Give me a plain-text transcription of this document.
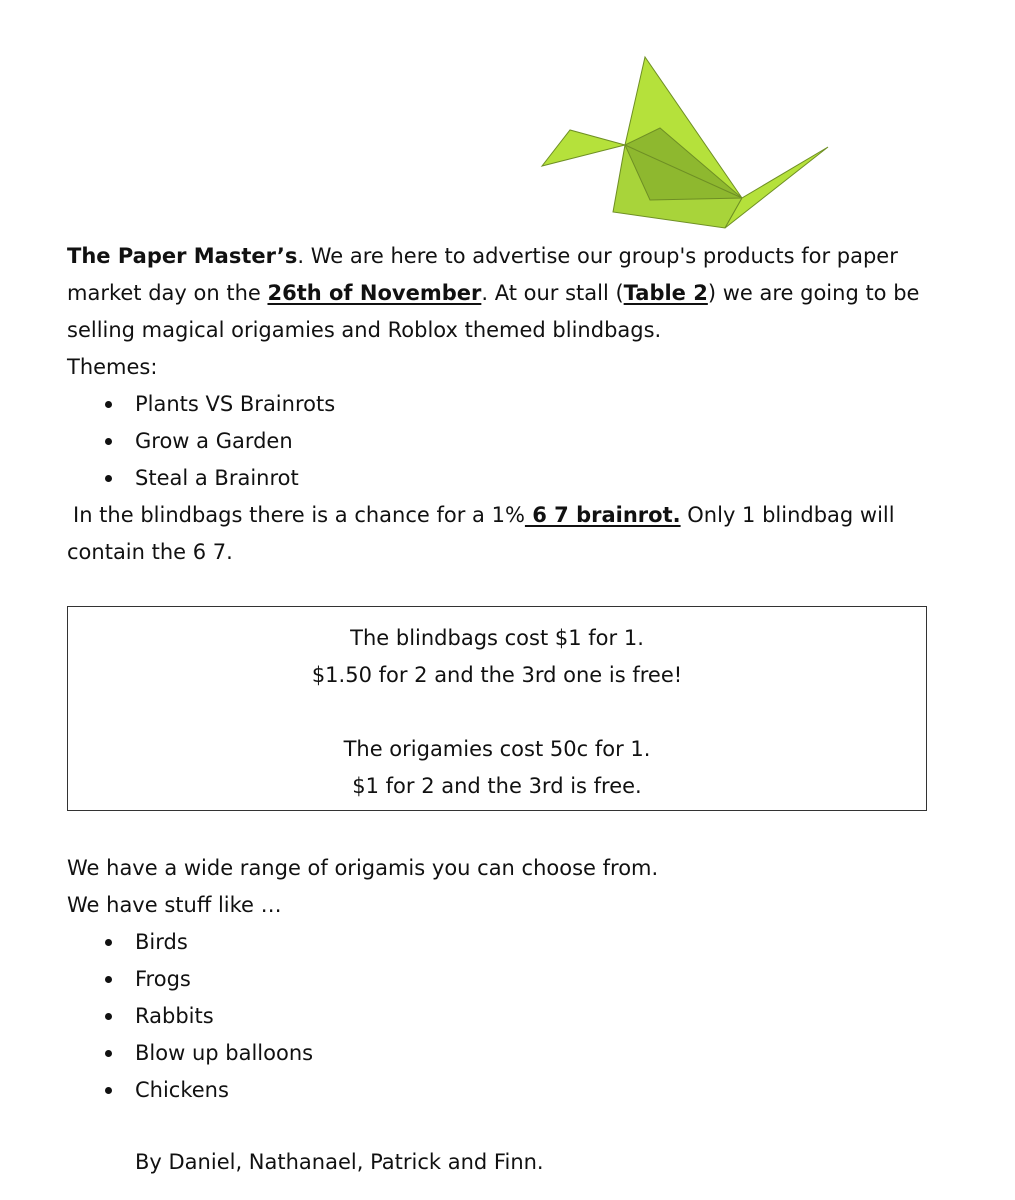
The Paper Master’s. We are here to advertise our group's products for paper

market day on the 26th of November. At our stall (Table 2) we are going to be

selling magical origamies and Roblox themed blindbags.

Themes:

Plants VS Brainrots
Grow a Garden
Steal a Brainrot

In the blindbags there is a chance for a 1% 6 7 brainrot. Only 1 blindbag will

contain the 6 7.

The blindbags cost $1 for 1.

$1.50 for 2 and the 3rd one is free!

The origamies cost 50c for 1.

$1 for 2 and the 3rd is free.

We have a wide range of origamis you can choose from.

We have stuff like …

Birds
Frogs
Rabbits
Blow up balloons
Chickens
By Daniel, Nathanael, Patrick and Finn.
